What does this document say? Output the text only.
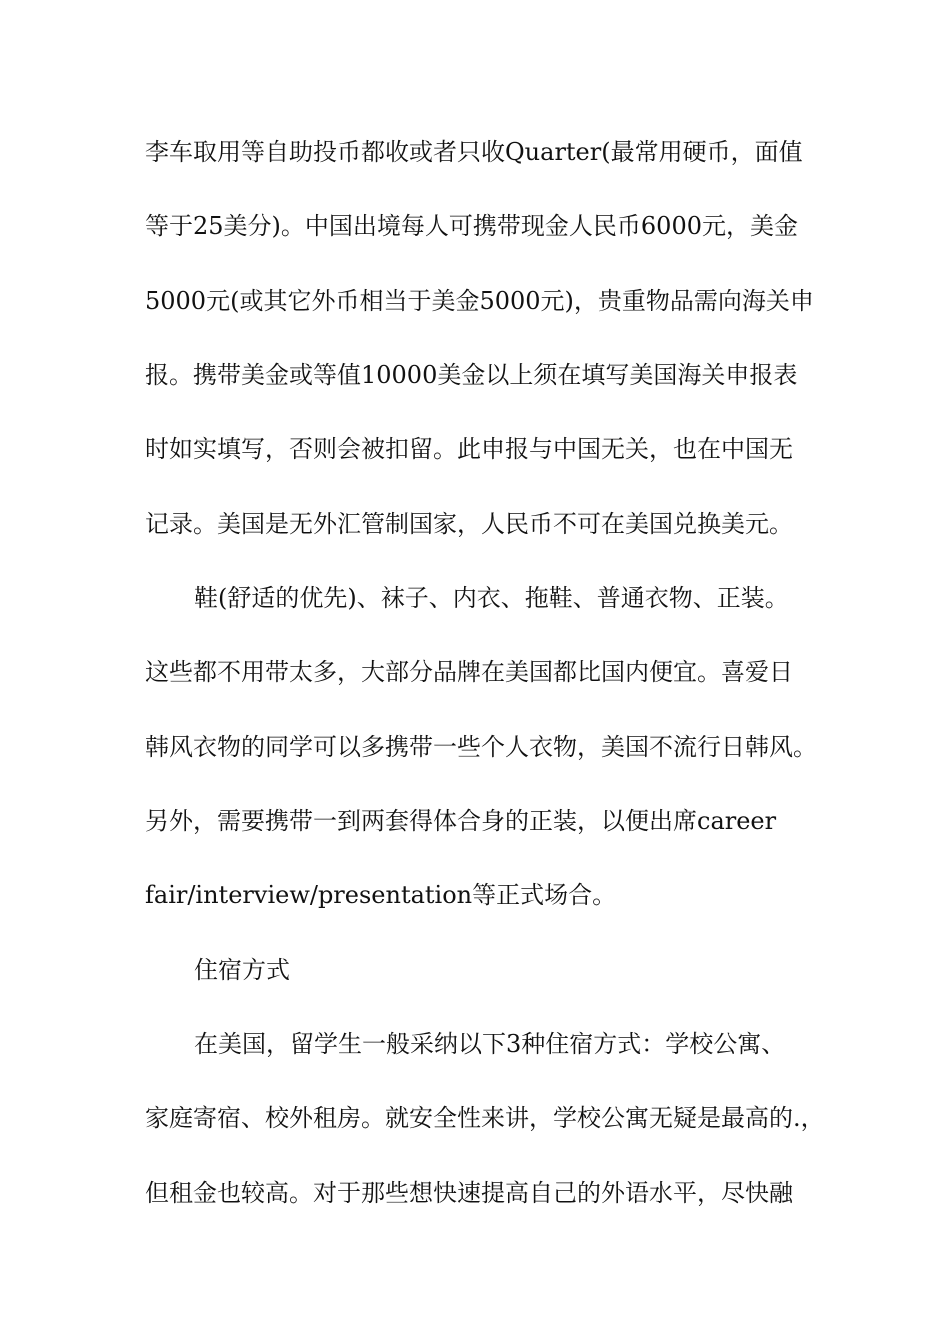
李车取用等自助投币都收或者只收Quarter(最常用硬币，面值
等于25美分)。中国出境每人可携带现金人民币6000元，美金
5000元(或其它外币相当于美金5000元)，贵重物品需向海关申
报。携带美金或等值10000美金以上须在填写美国海关申报表
时如实填写，否则会被扣留。此申报与中国无关，也在中国无
记录。美国是无外汇管制国家，人民币不可在美国兑换美元。
鞋(舒适的优先)、袜子、内衣、拖鞋、普通衣物、正装。
这些都不用带太多，大部分品牌在美国都比国内便宜。喜爱日
韩风衣物的同学可以多携带一些个人衣物，美国不流行日韩风。
另外，需要携带一到两套得体合身的正装，以便出席career
fair/interview/presentation等正式场合。
住宿方式
在美国，留学生一般采纳以下3种住宿方式：学校公寓、
家庭寄宿、校外租房。就安全性来讲，学校公寓无疑是最高的.，
但租金也较高。对于那些想快速提高自己的外语水平，尽快融
